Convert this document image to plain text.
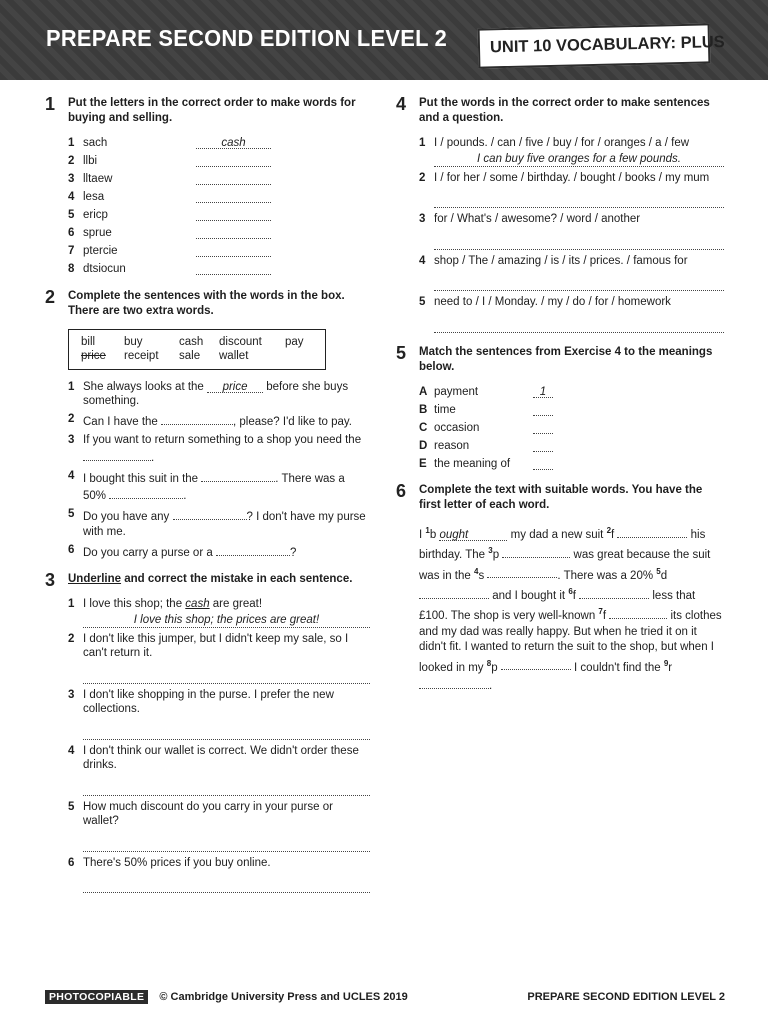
PREPARE SECOND EDITION LEVEL 2	UNIT 10 VOCABULARY: PLUS
1 Put the letters in the correct order to make words for buying and selling.
1 sach	cash
2 llbi
3 lltaew
4 lesa
5 ericp
6 sprue
7 ptercie
8 dtsiocun
2 Complete the sentences with the words in the box. There are two extra words.
bill	buy	cash	discount	pay
price	receipt	sale	wallet
1 She always looks at the price before she buys something.
2 Can I have the	, please? I'd like to pay.
3 If you want to return something to a shop you need the .
4 I bought this suit in the	. There was a 50%	.
5 Do you have any	? I don't have my purse with me.
6 Do you carry a purse or a	?
3 Underline and correct the mistake in each sentence.
1 I love this shop; the cash are great!
I love this shop; the prices are great!
2 I don't like this jumper, but I didn't keep my sale, so I can't return it.
3 I don't like shopping in the purse. I prefer the new collections.
4 I don't think our wallet is correct. We didn't order these drinks.
5 How much discount do you carry in your purse or wallet?
6 There's 50% prices if you buy online.
4 Put the words in the correct order to make sentences and a question.
1 I / pounds. / can / five / buy / for / oranges / a / few
I can buy five oranges for a few pounds.
2 I / for her / some / birthday. / bought / books / my mum
3 for / What's / awesome? / word / another
4 shop / The / amazing / is / its / prices. / famous for
5 need to / I / Monday. / my / do / for / homework
5 Match the sentences from Exercise 4 to the meanings below.
A payment	1
B time
C occasion
D reason
E the meaning of
6 Complete the text with suitable words. You have the first letter of each word.
I $^1$b ought	my dad a new suit $^2$f	his birthday. The $^3$p	was great because the suit was in the $^4$s	. There was a 20% $^5$d  and I bought it $^6$f	less that £100. The shop is very well-known $^7$f	its clothes and my dad was really happy. But when he tried it on it didn't fit. I wanted to return the suit to the shop, but when I looked in my $^8$p	I couldn't find the $^9$r .
PHOTOCOPIABLE © Cambridge University Press and UCLES 2019	PREPARE SECOND EDITION LEVEL 2
